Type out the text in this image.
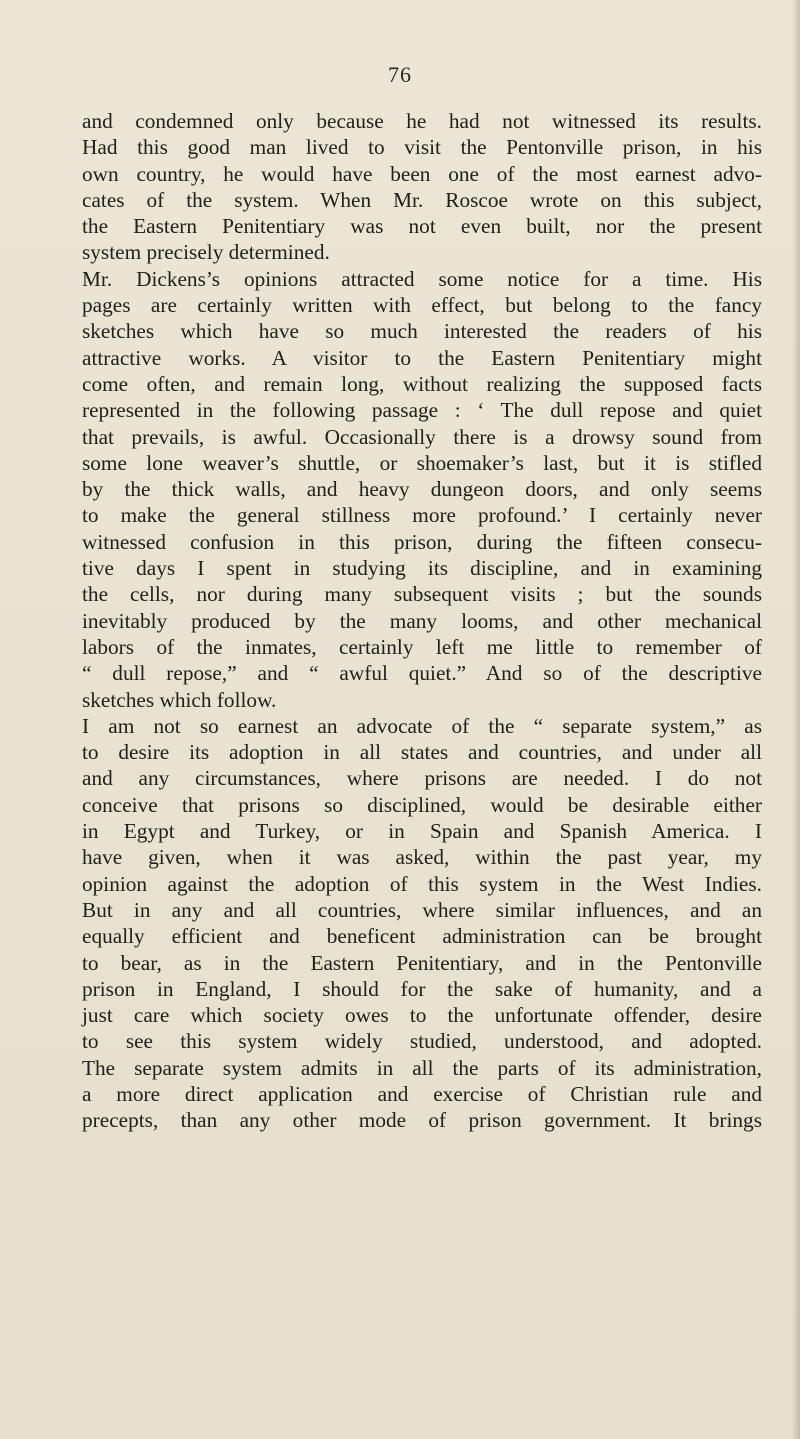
76
and condemned only because he had not witnessed its results.
Had this good man lived to visit the Pentonville prison, in his
own country, he would have been one of the most earnest advo-
cates of the system. When Mr. Roscoe wrote on this subject,
the Eastern Penitentiary was not even built, nor the present
system precisely determined.
Mr. Dickens’s opinions attracted some notice for a time. His
pages are certainly written with effect, but belong to the fancy
sketches which have so much interested the readers of his
attractive works. A visitor to the Eastern Penitentiary might
come often, and remain long, without realizing the supposed facts
represented in the following passage : ‘ The dull repose and quiet
that prevails, is awful. Occasionally there is a drowsy sound from
some lone weaver’s shuttle, or shoemaker’s last, but it is stifled
by the thick walls, and heavy dungeon doors, and only seems
to make the general stillness more profound.’ I certainly never
witnessed confusion in this prison, during the fifteen consecu-
tive days I spent in studying its discipline, and in examining
the cells, nor during many subsequent visits ; but the sounds
inevitably produced by the many looms, and other mechanical
labors of the inmates, certainly left me little to remember of
“ dull repose,” and “ awful quiet.” And so of the descriptive
sketches which follow.
I am not so earnest an advocate of the “ separate system,” as
to desire its adoption in all states and countries, and under all
and any circumstances, where prisons are needed. I do not
conceive that prisons so disciplined, would be desirable either
in Egypt and Turkey, or in Spain and Spanish America. I
have given, when it was asked, within the past year, my
opinion against the adoption of this system in the West Indies.
But in any and all countries, where similar influences, and an
equally efficient and beneficent administration can be brought
to bear, as in the Eastern Penitentiary, and in the Pentonville
prison in England, I should for the sake of humanity, and a
just care which society owes to the unfortunate offender, desire
to see this system widely studied, understood, and adopted.
The separate system admits in all the parts of its administration,
a more direct application and exercise of Christian rule and
precepts, than any other mode of prison government. It brings
